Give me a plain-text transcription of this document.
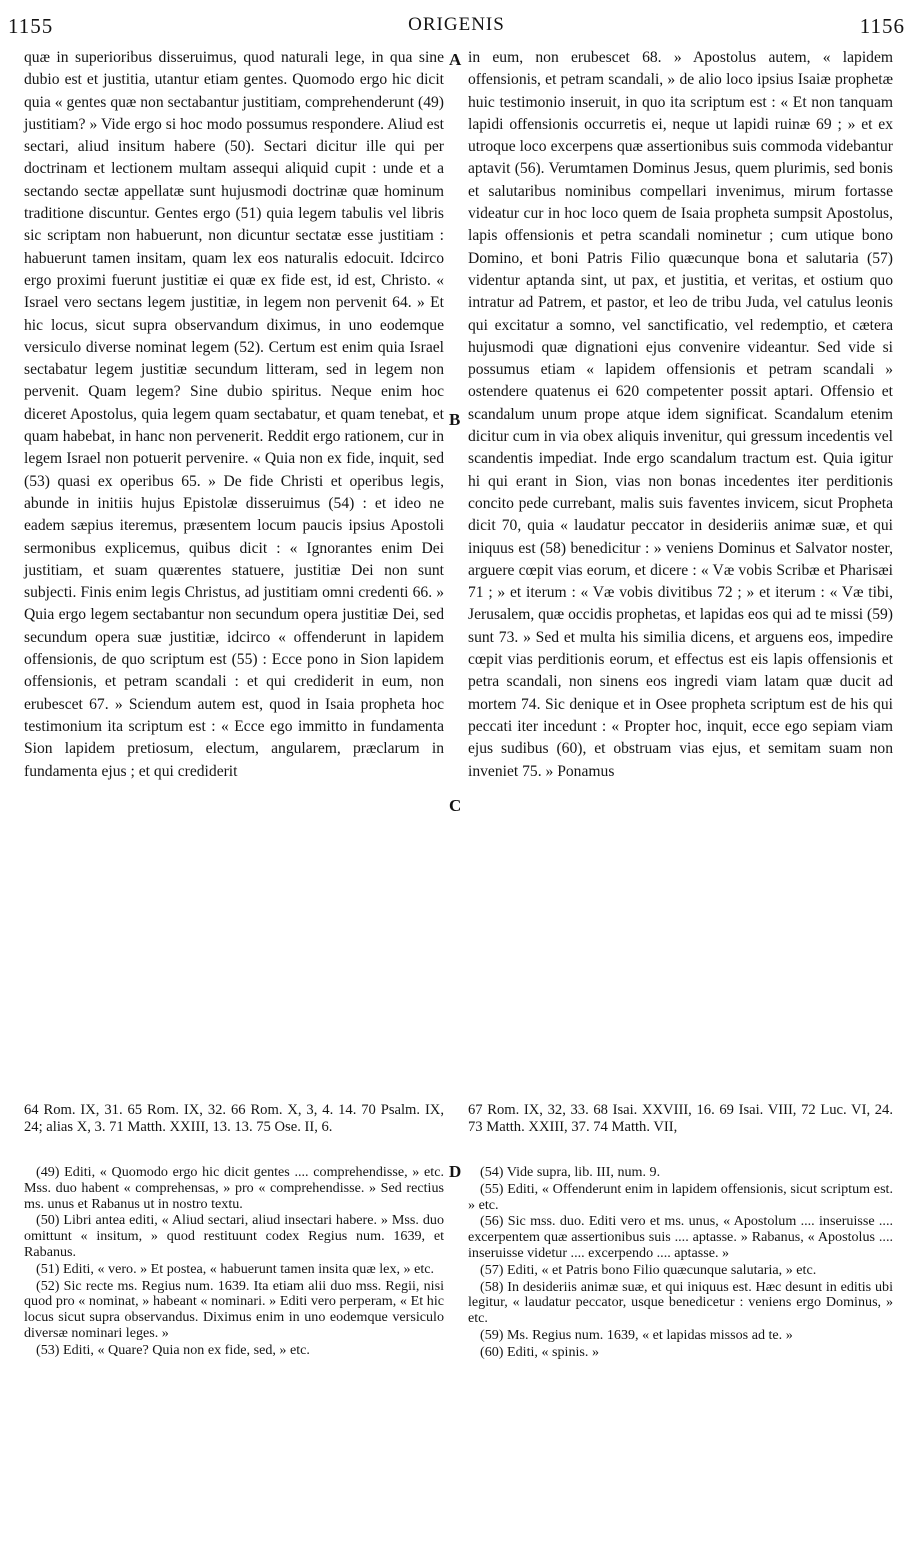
1155	ORIGENIS	1156

quæ in superioribus disseruimus, quod naturali lege, in qua sine dubio est et justitia, utantur etiam gentes. Quomodo ergo hic dicit quia « gentes quæ non sectabantur justitiam, comprehenderunt (49) justitiam? » Vide ergo si hoc modo possumus respondere. Aliud est sectari, aliud insitum habere (50). Sectari dicitur ille qui per doctrinam et lectionem multam assequi aliquid cupit : unde et a sectando sectæ appellatæ sunt hujusmodi doctrinæ quæ hominum traditione discuntur. Gentes ergo (51) quia legem tabulis vel libris sic scriptam non habuerunt, non dicuntur sectatæ esse justitiam : habuerunt tamen insitam, quam lex eos naturalis edocuit. Idcirco ergo proximi fuerunt justitiæ ei quæ ex fide est, id est, Christo. « Israel vero sectans legem justitiæ, in legem non pervenit 64. » Et hic locus, sicut supra observandum diximus, in uno eodemque versiculo diverse nominat legem (52). Certum est enim quia Israel sectabatur legem justitiæ secundum litteram, sed in legem non pervenit. Quam legem? Sine dubio spiritus. Neque enim hoc diceret Apostolus, quia legem quam sectabatur, et quam tenebat, et quam habebat, in hanc non pervenerit. Reddit ergo rationem, cur in legem Israel non potuerit pervenire. « Quia non ex fide, inquit, sed (53) quasi ex operibus 65. » De fide Christi et operibus legis, abunde in initiis hujus Epistolæ disseruimus (54) : et ideo ne eadem sæpius iteremus, præsentem locum paucis ipsius Apostoli sermonibus explicemus, quibus dicit : « Ignorantes enim Dei justitiam, et suam quærentes statuere, justitiæ Dei non sunt subjecti. Finis enim legis Christus, ad justitiam omni credenti 66. » Quia ergo legem sectabantur non secundum opera justitiæ Dei, sed secundum opera suæ justitiæ, idcirco « offenderunt in lapidem offensionis, de quo scriptum est (55) : Ecce pono in Sion lapidem offensionis, et petram scandali : et qui crediderit in eum, non erubescet 67. » Sciendum autem est, quod in Isaia propheta hoc testimonium ita scriptum est : « Ecce ego immitto in fundamenta Sion lapidem pretiosum, electum, angularem, præclarum in fundamenta ejus ; et qui crediderit

in eum, non erubescet 68. » Apostolus autem, « lapidem offensionis, et petram scandali, » de alio loco ipsius Isaiæ prophetæ huic testimonio inseruit, in quo ita scriptum est : « Et non tanquam lapidi offensionis occurretis ei, neque ut lapidi ruinæ 69 ; » et ex utroque loco excerpens quæ assertionibus suis commoda videbantur aptavit (56). Verumtamen Dominus Jesus, quem plurimis, sed bonis et salutaribus nominibus compellari invenimus, mirum fortasse videatur cur in hoc loco quem de Isaia propheta sumpsit Apostolus, lapis offensionis et petra scandali nominetur ; cum utique bono Domino, et boni Patris Filio quæcunque bona et salutaria (57) videntur aptanda sint, ut pax, et justitia, et veritas, et ostium quo intratur ad Patrem, et pastor, et leo de tribu Juda, vel catulus leonis qui excitatur a somno, vel sanctificatio, vel redemptio, et cætera hujusmodi quæ dignationi ejus convenire videantur. Sed vide si possumus etiam « lapidem offensionis et petram scandali » ostendere quatenus ei 620 competenter possit aptari. Offensio et scandalum unum prope atque idem significat. Scandalum etenim dicitur cum in via obex aliquis invenitur, qui gressum incedentis vel scandentis impediat. Inde ergo scandalum tractum est. Quia igitur hi qui erant in Sion, vias non bonas incedentes iter perditionis concito pede currebant, malis suis faventes invicem, sicut Propheta dicit 70, quia « laudatur peccator in desideriis animæ suæ, et qui iniquus est (58) benedicitur : » veniens Dominus et Salvator noster, arguere cœpit vias eorum, et dicere : « Væ vobis Scribæ et Pharisæi 71 ; » et iterum : « Væ vobis divitibus 72 ; » et iterum : « Væ tibi, Jerusalem, quæ occidis prophetas, et lapidas eos qui ad te missi (59) sunt 73. » Sed et multa his similia dicens, et arguens eos, impedire cœpit vias perditionis eorum, et effectus est eis lapis offensionis et petra scandali, non sinens eos ingredi viam latam quæ ducit ad mortem 74. Sic denique et in Osee propheta scriptum est de his qui peccati iter incedunt : « Propter hoc, inquit, ecce ego sepiam viam ejus sudibus (60), et obstruam vias ejus, et semitam suam non inveniet 75. » Ponamus

A
B
C
D

64 Rom. IX, 31. 65 Rom. IX, 32. 66 Rom. X, 3, 4. 14. 70 Psalm. IX, 24; alias X, 3. 71 Matth. XXIII, 13. 13. 75 Ose. II, 6.

67 Rom. IX, 32, 33. 68 Isai. XXVIII, 16. 69 Isai. VIII, 72 Luc. VI, 24. 73 Matth. XXIII, 37. 74 Matth. VII,

(49) Editi, « Quomodo ergo hic dicit gentes .... comprehendisse, » etc. Mss. duo habent « comprehensas, » pro « comprehendisse. » Sed rectius ms. unus et Rabanus ut in nostro textu.

(50) Libri antea editi, « Aliud sectari, aliud insectari habere. » Mss. duo omittunt « insitum, » quod restituunt codex Regius num. 1639, et Rabanus.

(51) Editi, « vero. » Et postea, « habuerunt tamen insita quæ lex, » etc.

(52) Sic recte ms. Regius num. 1639. Ita etiam alii duo mss. Regii, nisi quod pro « nominat, » habeant « nominari. » Editi vero perperam, « Et hic locus sicut supra observandus. Diximus enim in uno eodemque versiculo diversæ nominari leges. »

(53) Editi, « Quare? Quia non ex fide, sed, » etc.

(54) Vide supra, lib. III, num. 9.

(55) Editi, « Offenderunt enim in lapidem offensionis, sicut scriptum est. » etc.

(56) Sic mss. duo. Editi vero et ms. unus, « Apostolum .... inseruisse .... excerpentem quæ assertionibus suis .... aptasse. » Rabanus, « Apostolus .... inseruisse videtur .... excerpendo .... aptasse. »

(57) Editi, « et Patris bono Filio quæcunque salutaria, » etc.

(58) In desideriis animæ suæ, et qui iniquus est. Hæc desunt in editis ubi legitur, « laudatur peccator, usque benedicetur : veniens ergo Dominus, » etc.

(59) Ms. Regius num. 1639, « et lapidas missos ad te. »

(60) Editi, « spinis. »
